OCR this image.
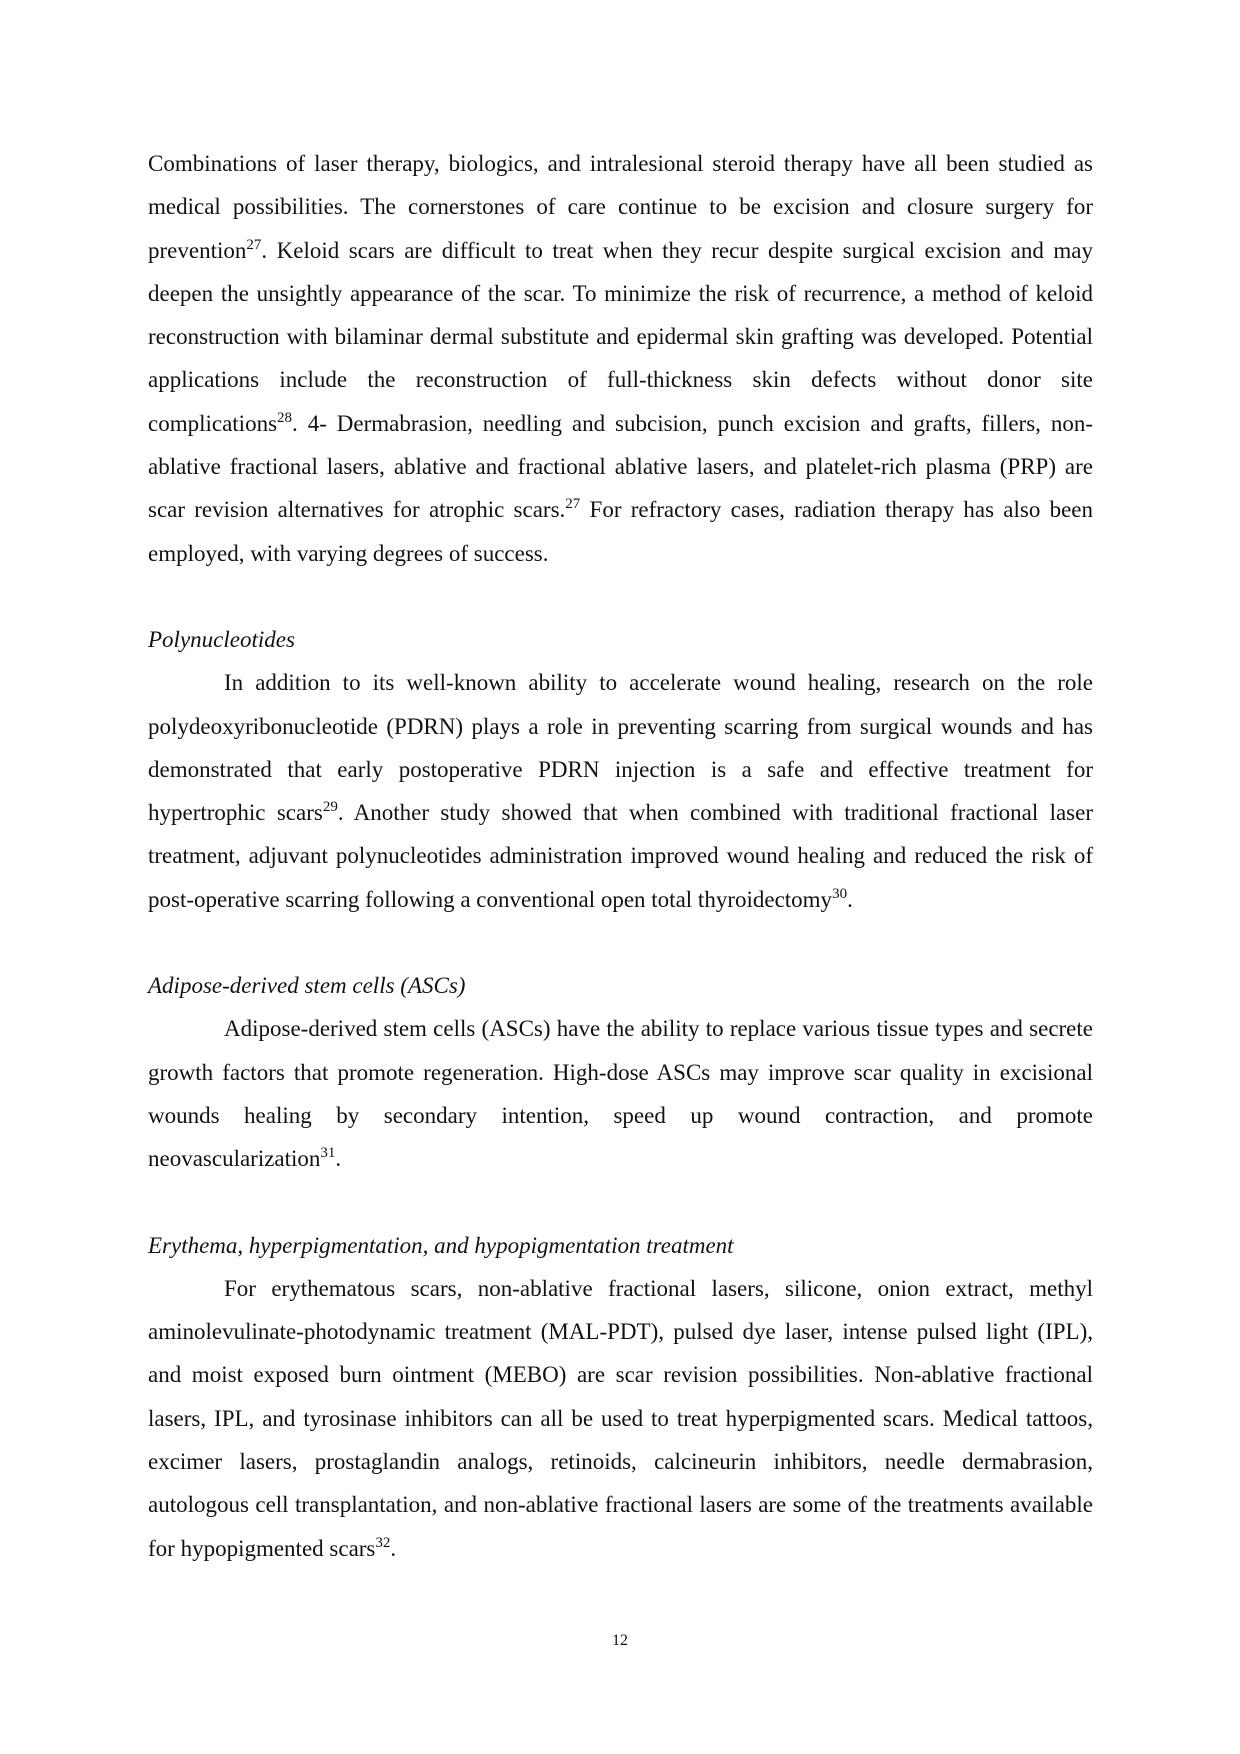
Combinations of laser therapy, biologics, and intralesional steroid therapy have all been studied as medical possibilities. The cornerstones of care continue to be excision and closure surgery for prevention$^{27}$. Keloid scars are difficult to treat when they recur despite surgical excision and may deepen the unsightly appearance of the scar. To minimize the risk of recurrence, a method of keloid reconstruction with bilaminar dermal substitute and epidermal skin grafting was developed. Potential applications include the reconstruction of full-thickness skin defects without donor site complications$^{28}$. 4- Dermabrasion, needling and subcision, punch excision and grafts, fillers, non-ablative fractional lasers, ablative and fractional ablative lasers, and platelet-rich plasma (PRP) are scar revision alternatives for atrophic scars.$^{27}$ For refractory cases, radiation therapy has also been employed, with varying degrees of success.

Polynucleotides

In addition to its well-known ability to accelerate wound healing, research on the role polydeoxyribonucleotide (PDRN) plays a role in preventing scarring from surgical wounds and has demonstrated that early postoperative PDRN injection is a safe and effective treatment for hypertrophic scars$^{29}$. Another study showed that when combined with traditional fractional laser treatment, adjuvant polynucleotides administration improved wound healing and reduced the risk of post-operative scarring following a conventional open total thyroidectomy$^{30}$.

Adipose-derived stem cells (ASCs)

Adipose-derived stem cells (ASCs) have the ability to replace various tissue types and secrete growth factors that promote regeneration. High-dose ASCs may improve scar quality in excisional wounds healing by secondary intention, speed up wound contraction, and promote neovascularization$^{31}$.

Erythema, hyperpigmentation, and hypopigmentation treatment

For erythematous scars, non-ablative fractional lasers, silicone, onion extract, methyl aminolevulinate-photodynamic treatment (MAL-PDT), pulsed dye laser, intense pulsed light (IPL), and moist exposed burn ointment (MEBO) are scar revision possibilities. Non-ablative fractional lasers, IPL, and tyrosinase inhibitors can all be used to treat hyperpigmented scars. Medical tattoos, excimer lasers, prostaglandin analogs, retinoids, calcineurin inhibitors, needle dermabrasion, autologous cell transplantation, and non-ablative fractional lasers are some of the treatments available for hypopigmented scars$^{32}$.

12
